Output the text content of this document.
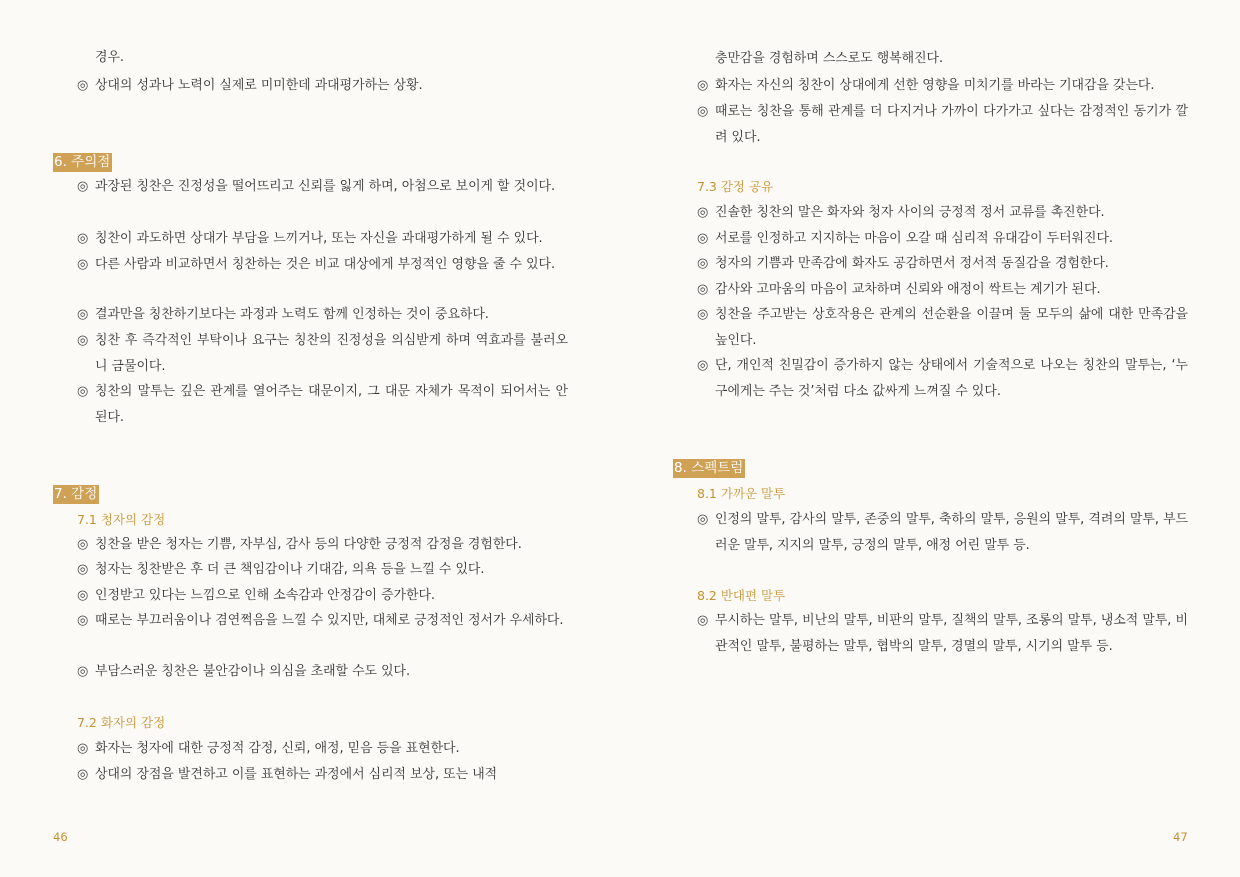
경우.
◎ 상대의 성과나 노력이 실제로 미미한데 과대평가하는 상황.
6. 주의점
◎ 과장된 칭찬은 진정성을 떨어뜨리고 신뢰를 잃게 하며, 아첨으로 보이게 할 것이다.
◎ 칭찬이 과도하면 상대가 부담을 느끼거나, 또는 자신을 과대평가하게 될 수 있다.
◎ 다른 사람과 비교하면서 칭찬하는 것은 비교 대상에게 부정적인 영향을 줄 수 있다.
◎ 결과만을 칭찬하기보다는 과정과 노력도 함께 인정하는 것이 중요하다.
◎ 칭찬 후 즉각적인 부탁이나 요구는 칭찬의 진정성을 의심받게 하며 역효과를 불러오니 금물이다.
◎ 칭찬의 말투는 깊은 관계를 열어주는 대문이지, 그 대문 자체가 목적이 되어서는 안 된다.
7. 감정
7.1 청자의 감정
◎ 칭찬을 받은 청자는 기쁨, 자부심, 감사 등의 다양한 긍정적 감정을 경험한다.
◎ 청자는 칭찬받은 후 더 큰 책임감이나 기대감, 의욕 등을 느낄 수 있다.
◎ 인정받고 있다는 느낌으로 인해 소속감과 안정감이 증가한다.
◎ 때로는 부끄러움이나 겸연쩍음을 느낄 수 있지만, 대체로 긍정적인 정서가 우세하다.
◎ 부담스러운 칭찬은 불안감이나 의심을 초래할 수도 있다.
7.2 화자의 감정
◎ 화자는 청자에 대한 긍정적 감정, 신뢰, 애정, 믿음 등을 표현한다.
◎ 상대의 장점을 발견하고 이를 표현하는 과정에서 심리적 보상, 또는 내적
46
충만감을 경험하며 스스로도 행복해진다.
◎ 화자는 자신의 칭찬이 상대에게 선한 영향을 미치기를 바라는 기대감을 갖는다.
◎ 때로는 칭찬을 통해 관계를 더 다지거나 가까이 다가가고 싶다는 감정적인 동기가 깔려 있다.
7.3 감정 공유
◎ 진솔한 칭찬의 말은 화자와 청자 사이의 긍정적 정서 교류를 촉진한다.
◎ 서로를 인정하고 지지하는 마음이 오갈 때 심리적 유대감이 두터워진다.
◎ 청자의 기쁨과 만족감에 화자도 공감하면서 정서적 동질감을 경험한다.
◎ 감사와 고마움의 마음이 교차하며 신뢰와 애정이 싹트는 계기가 된다.
◎ 칭찬을 주고받는 상호작용은 관계의 선순환을 이끌며 둘 모두의 삶에 대한 만족감을 높인다.
◎ 단, 개인적 친밀감이 증가하지 않는 상태에서 기술적으로 나오는 칭찬의 말투는, ‘누구에게는 주는 것’처럼 다소 값싸게 느껴질 수 있다.
8. 스펙트럼
8.1 가까운 말투
◎ 인정의 말투, 감사의 말투, 존중의 말투, 축하의 말투, 응원의 말투, 격려의 말투, 부드러운 말투, 지지의 말투, 긍정의 말투, 애정 어린 말투 등.
8.2 반대편 말투
◎ 무시하는 말투, 비난의 말투, 비판의 말투, 질책의 말투, 조롱의 말투, 냉소적 말투, 비관적인 말투, 불평하는 말투, 협박의 말투, 경멸의 말투, 시기의 말투 등.
47
